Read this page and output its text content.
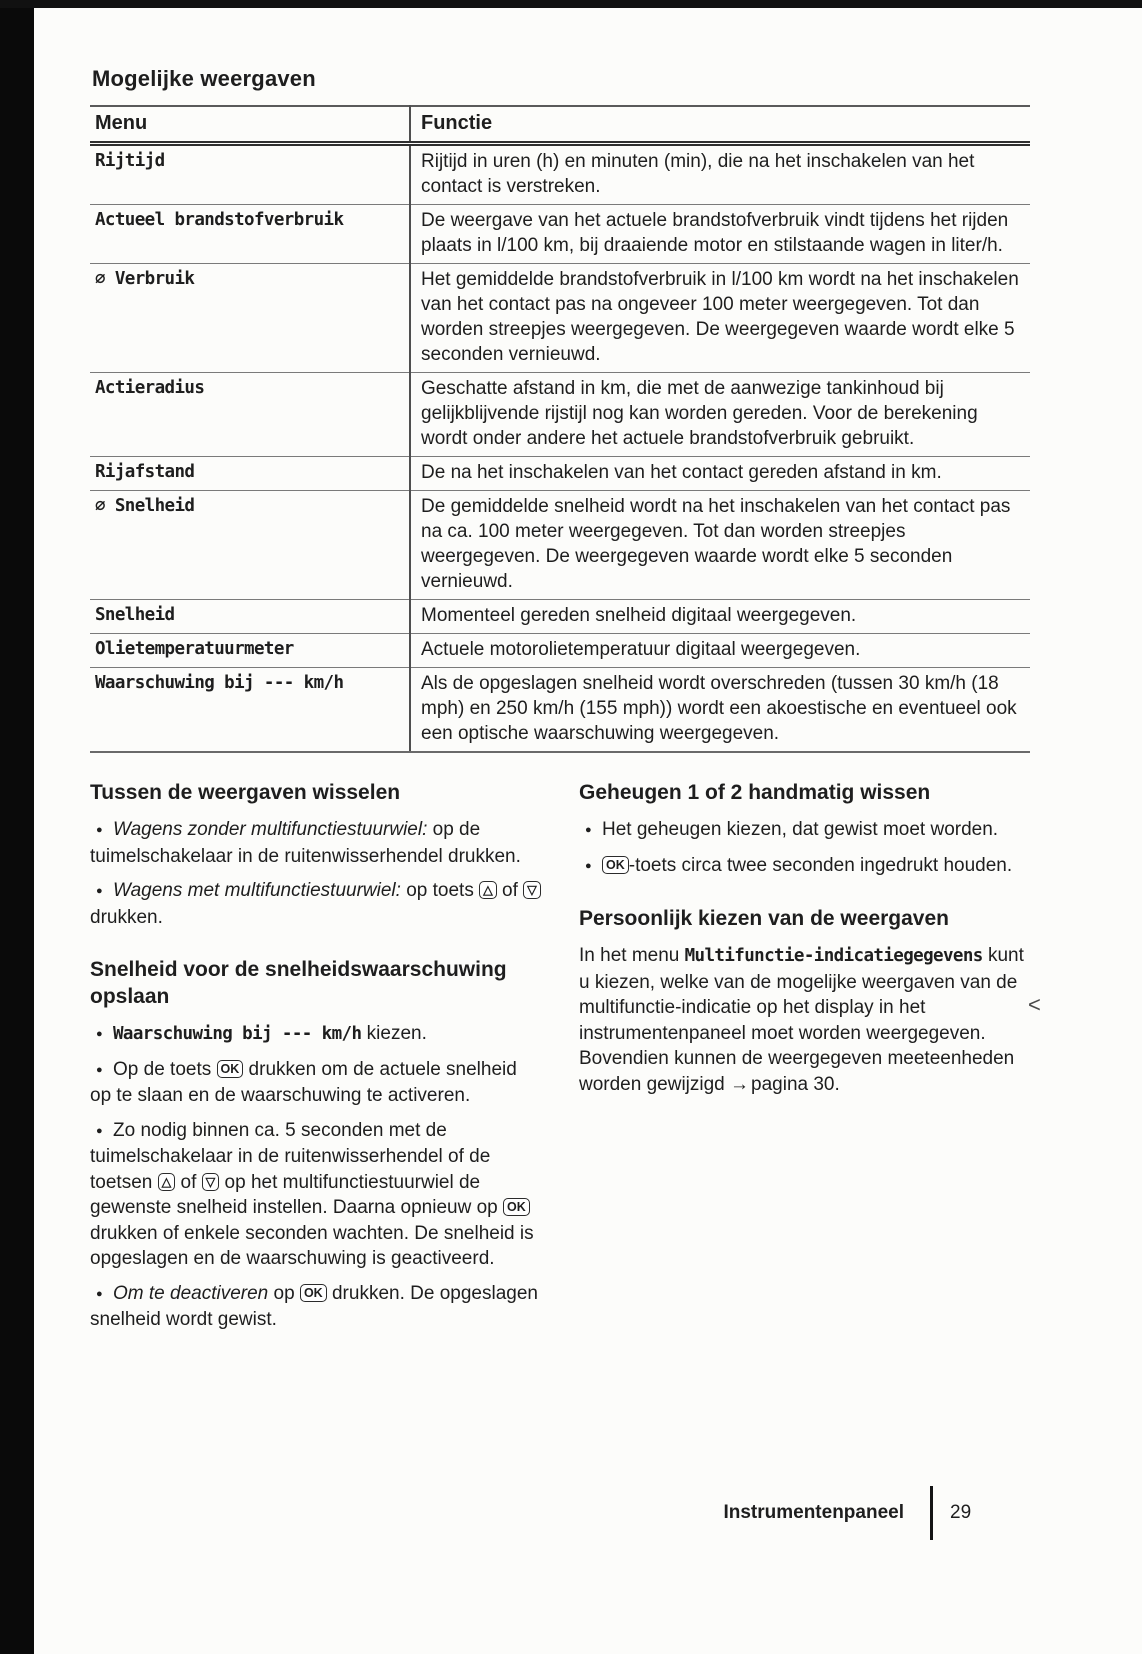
Mogelijke weergaven
Menu	Functie
Rijtijd	Rijtijd in uren (h) en minuten (min), die na het inschakelen van het contact is verstreken.
Actueel brandstofverbruik	De weergave van het actuele brandstofverbruik vindt tijdens het rijden plaats in l/100 km, bij draaiende motor en stilstaande wagen in liter/h.
∅ Verbruik	Het gemiddelde brandstofverbruik in l/100 km wordt na het inschakelen van het contact pas na ongeveer 100 meter weergegeven. Tot dan worden streepjes weergegeven. De weergegeven waarde wordt elke 5 seconden vernieuwd.
Actieradius	Geschatte afstand in km, die met de aanwezige tankinhoud bij gelijkblijvende rijstijl nog kan worden gereden. Voor de berekening wordt onder andere het actuele brandstofverbruik gebruikt.
Rijafstand	De na het inschakelen van het contact gereden afstand in km.
∅ Snelheid	De gemiddelde snelheid wordt na het inschakelen van het contact pas na ca. 100 meter weergegeven. Tot dan worden streepjes weergegeven. De weergegeven waarde wordt elke 5 seconden vernieuwd.
Snelheid	Momenteel gereden snelheid digitaal weergegeven.
Olietemperatuurmeter	Actuele motorolietemperatuur digitaal weergegeven.
Waarschuwing bij --- km/h	Als de opgeslagen snelheid wordt overschreden (tussen 30 km/h (18 mph) en 250 km/h (155 mph)) wordt een akoestische en eventueel ook een optische waarschuwing weergegeven.
Tussen de weergaven wisselen
● Wagens zonder multifunctiestuurwiel: op de tuimelschakelaar in de ruitenwisserhendel drukken.
● Wagens met multifunctiestuurwiel: op toets △ of ▽ drukken.
Snelheid voor de snelheidswaarschuwing opslaan
● Waarschuwing bij --- km/h kiezen.
● Op de toets OK drukken om de actuele snelheid op te slaan en de waarschuwing te activeren.
● Zo nodig binnen ca. 5 seconden met de tuimelschakelaar in de ruitenwisserhendel of de toetsen △ of ▽ op het multifunctiestuurwiel de gewenste snelheid instellen. Daarna opnieuw op OK drukken of enkele seconden wachten. De snelheid is opgeslagen en de waarschuwing is geactiveerd.
● Om te deactiveren op OK drukken. De opgeslagen snelheid wordt gewist.
Geheugen 1 of 2 handmatig wissen
● Het geheugen kiezen, dat gewist moet worden.
● OK -toets circa twee seconden ingedrukt houden.
Persoonlijk kiezen van de weergaven
In het menu Multifunctie-indicatiegegevens kunt u kiezen, welke van de mogelijke weergaven van de multifunctie-indicatie op het display in het instrumentenpaneel moet worden weergegeven. Bovendien kunnen de weergegeven meeteenheden worden gewijzigd → pagina 30.
<
Instrumentenpaneel 29
